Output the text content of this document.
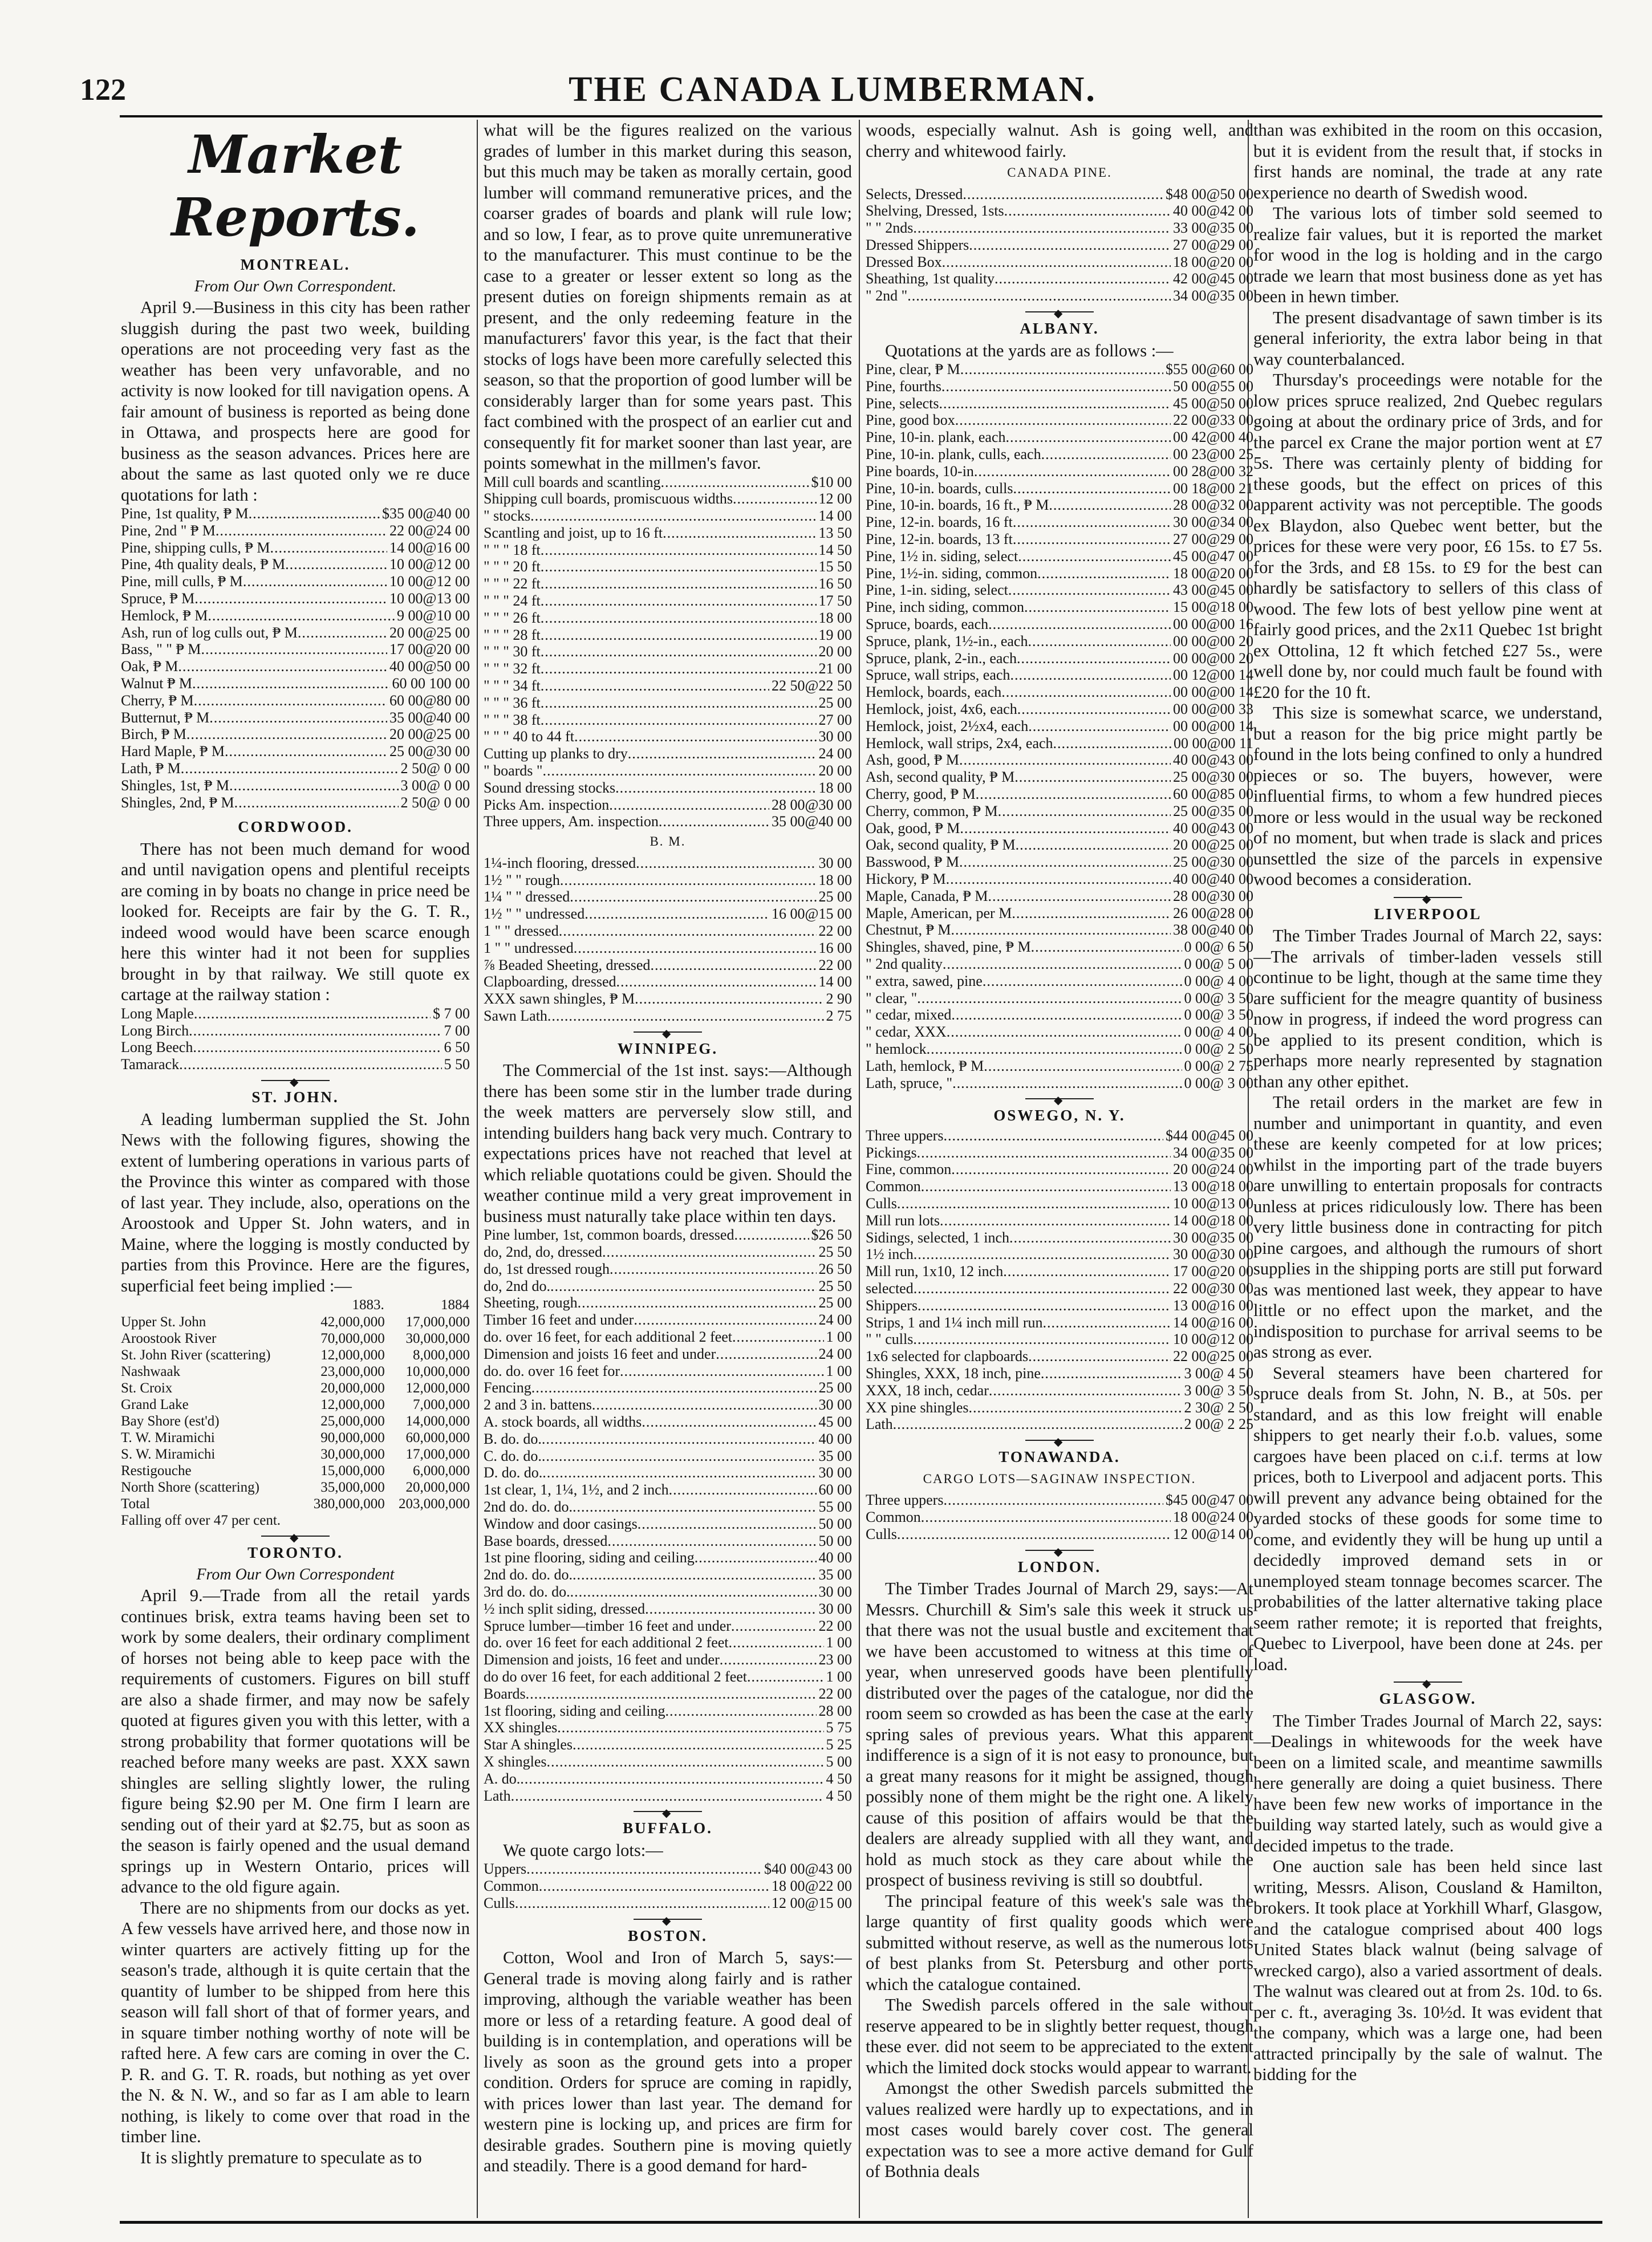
122	THE CANADA LUMBERMAN.
Market Reports.
MONTREAL.
From Our Own Correspondent.

April 9.—Business in this city has been rather sluggish during the past two week, building operations are not proceeding very fast as the weather has been very unfavorable, and no activity is now looked for till navigation opens. A fair amount of business is reported as being done in Ottawa, and prospects here are good for business as the season advances. Prices here are about the same as last quoted only we re duce quotations for lath :

Pine, 1st quality, ₱ M .....	$35 00@40 00
Pine, 2nd " ₱ M .....	22 00@24 00
Pine, shipping culls, ₱ M .....	14 00@16 00
Pine, 4th quality deals, ₱ M .....	10 00@12 00
Pine, mill culls, ₱ M .....	10 00@12 00
Spruce, ₱ M .....	10 00@13 00
Hemlock, ₱ M .....	9 00@10 00
Ash, run of log culls out, ₱ M .....	20 00@25 00
Bass, " " ₱ M .....	17 00@20 00
Oak, ₱ M .....	40 00@50 00
Walnut ₱ M .....	60 00 100 00
Cherry, ₱ M .....	60 00@80 00
Butternut, ₱ M .....	35 00@40 00
Birch, ₱ M .....	20 00@25 00
Hard Maple, ₱ M .....	25 00@30 00
Lath, ₱ M .....	2 50@ 0 00
Shingles, 1st, ₱ M .....	3 00@ 0 00
Shingles, 2nd, ₱ M .....	2 50@ 0 00
CORDWOOD.

There has not been much demand for wood and until navigation opens and plentiful receipts are coming in by boats no change in price need be looked for. Receipts are fair by the G. T. R., indeed wood would have been scarce enough here this winter had it not been for supplies brought in by that railway. We still quote ex cartage at the railway station :

Long Maple .....	$ 7 00
Long Birch .....	7 00
Long Beech .....	6 50
Tamarack .....	5 50
◆
ST. JOHN.

A leading lumberman supplied the St. John News with the following figures, showing the extent of lumbering operations in various parts of the Province this winter as compared with those of last year. They include, also, operations on the Aroostook and Upper St. John waters, and in Maine, where the logging is mostly conducted by parties from this Province. Here are the figures, superficial feet being implied :—

	1883.	1884
Upper St. John	42,000,000	17,000,000
Aroostook River	70,000,000	30,000,000
St. John River (scattering)	12,000,000	8,000,000
Nashwaak	23,000,000	10,000,000
St. Croix	20,000,000	12,000,000
Grand Lake	12,000,000	7,000,000
Bay Shore (est'd)	25,000,000	14,000,000
T. W. Miramichi	90,000,000	60,000,000
S. W. Miramichi	30,000,000	17,000,000
Restigouche	15,000,000	6,000,000
North Shore (scattering)	35,000,000	20,000,000
Total	380,000,000	203,000,000
Falling off over 47 per cent.
◆
TORONTO.
From Our Own Correspondent

April 9.—Trade from all the retail yards continues brisk, extra teams having been set to work by some dealers, their ordinary compliment of horses not being able to keep pace with the requirements of customers. Figures on bill stuff are also a shade firmer, and may now be safely quoted at figures given you with this letter, with a strong probability that former quotations will be reached before many weeks are past. XXX sawn shingles are selling slightly lower, the ruling figure being $2.90 per M. One firm I learn are sending out of their yard at $2.75, but as soon as the season is fairly opened and the usual demand springs up in Western Ontario, prices will advance to the old figure again.

There are no shipments from our docks as yet. A few vessels have arrived here, and those now in winter quarters are actively fitting up for the season's trade, although it is quite certain that the quantity of lumber to be shipped from here this season will fall short of that of former years, and in square timber nothing worthy of note will be rafted here. A few cars are coming in over the C. P. R. and G. T. R. roads, but nothing as yet over the N. & N. W., and so far as I am able to learn nothing, is likely to come over that road in the timber line.

It is slightly premature to speculate as to

what will be the figures realized on the various grades of lumber in this market during this season, but this much may be taken as morally certain, good lumber will command remunerative prices, and the coarser grades of boards and plank will rule low; and so low, I fear, as to prove quite unremunerative to the manufacturer. This must continue to be the case to a greater or lesser extent so long as the present duties on foreign shipments remain as at present, and the only redeeming feature in the manufacturers' favor this year, is the fact that their stocks of logs have been more carefully selected this season, so that the proportion of good lumber will be considerably larger than for some years past. This fact combined with the prospect of an earlier cut and consequently fit for market sooner than last year, are points somewhat in the millmen's favor.

Mill cull boards and scantling .....	$10 00
Shipping cull boards, promiscuous widths .....	12 00
" stocks .....	14 00
Scantling and joist, up to 16 ft .....	13 50
" " " 18 ft .....	14 50
" " " 20 ft .....	15 50
" " " 22 ft .....	16 50
" " " 24 ft .....	17 50
" " " 26 ft .....	18 00
" " " 28 ft .....	19 00
" " " 30 ft .....	20 00
" " " 32 ft .....	21 00
" " " 34 ft .....	22 50@22 50
" " " 36 ft .....	25 00
" " " 38 ft .....	27 00
" " " 40 to 44 ft .....	30 00
Cutting up planks to dry .....	24 00
" boards " .....	20 00
Sound dressing stocks .....	18 00
Picks Am. inspection .....	28 00@30 00
Three uppers, Am. inspection .....	35 00@40 00
B. M.
1¼-inch flooring, dressed .....	30 00
1½ " " rough .....	18 00
1¼ " " dressed .....	25 00
1½ " " undressed .....	16 00@15 00
1 " " dressed .....	22 00
1 " " undressed .....	16 00
⅞ Beaded Sheeting, dressed .....	22 00
Clapboarding, dressed .....	14 00
XXX sawn shingles, ₱ M .....	2 90
Sawn Lath .....	2 75
◆
WINNIPEG.

The Commercial of the 1st inst. says:—Although there has been some stir in the lumber trade during the week matters are perversely slow still, and intending builders hang back very much. Contrary to expectations prices have not reached that level at which reliable quotations could be given. Should the weather continue mild a very great improvement in business must naturally take place within ten days.

Pine lumber, 1st, common boards, dressed .....	$26 50
do, 2nd, do, dressed .....	25 50
do, 1st dressed rough .....	26 50
do, 2nd do. .....	25 50
Sheeting, rough .....	25 00
Timber 16 feet and under .....	24 00
do. over 16 feet, for each additional 2 feet .....	1 00
Dimension and joists 16 feet and under .....	24 00
do. do. over 16 feet for .....	1 00
Fencing .....	25 00
2 and 3 in. battens .....	30 00
A. stock boards, all widths .....	45 00
B. do. do. .....	40 00
C. do. do. .....	35 00
D. do. do. .....	30 00
1st clear, 1, 1¼, 1½, and 2 inch .....	60 00
2nd do. do. do. .....	55 00
Window and door casings .....	50 00
Base boards, dressed .....	50 00
1st pine flooring, siding and ceiling .....	40 00
2nd do. do. do. .....	35 00
3rd do. do. do. .....	30 00
½ inch split siding, dressed .....	30 00
Spruce lumber—timber 16 feet and under .....	22 00
do. over 16 feet for each additional 2 feet .....	1 00
Dimension and joists, 16 feet and under .....	23 00
do do over 16 feet, for each additional 2 feet .....	1 00
Boards .....	22 00
1st flooring, siding and ceiling .....	28 00
XX shingles .....	5 75
Star A shingles .....	5 25
X shingles .....	5 00
A. do. .....	4 50
Lath .....	4 50
◆
BUFFALO.

We quote cargo lots:—

Uppers .....	$40 00@43 00
Common .....	18 00@22 00
Culls .....	12 00@15 00
◆
BOSTON.

Cotton, Wool and Iron of March 5, says:—General trade is moving along fairly and is rather improving, although the variable weather has been more or less of a retarding feature. A good deal of building is in contemplation, and operations will be lively as soon as the ground gets into a proper condition. Orders for spruce are coming in rapidly, with prices lower than last year. The demand for western pine is locking up, and prices are firm for desirable grades. Southern pine is moving quietly and steadily. There is a good demand for hard-

woods, especially walnut. Ash is going well, and cherry and whitewood fairly.

CANADA PINE.
Selects, Dressed .....	$48 00@50 00
Shelving, Dressed, 1sts .....	40 00@42 00
" " 2nds .....	33 00@35 00
Dressed Shippers .....	27 00@29 00
Dressed Box .....	18 00@20 00
Sheathing, 1st quality .....	42 00@45 00
" 2nd " .....	34 00@35 00
◆
ALBANY.

Quotations at the yards are as follows :—

Pine, clear, ₱ M .....	$55 00@60 00
Pine, fourths .....	50 00@55 00
Pine, selects .....	45 00@50 00
Pine, good box .....	22 00@33 00
Pine, 10-in. plank, each .....	00 42@00 40
Pine, 10-in. plank, culls, each .....	00 23@00 25
Pine boards, 10-in .....	00 28@00 32
Pine, 10-in. boards, culls .....	00 18@00 21
Pine, 10-in. boards, 16 ft., ₱ M .....	28 00@32 00
Pine, 12-in. boards, 16 ft .....	30 00@34 00
Pine, 12-in. boards, 13 ft .....	27 00@29 00
Pine, 1½ in. siding, select .....	45 00@47 00
Pine, 1½-in. siding, common .....	18 00@20 00
Pine, 1-in. siding, select .....	43 00@45 00
Pine, inch siding, common .....	15 00@18 00
Spruce, boards, each .....	00 00@00 16
Spruce, plank, 1½-in., each .....	00 00@00 20
Spruce, plank, 2-in., each .....	00 00@00 20
Spruce, wall strips, each .....	00 12@00 14
Hemlock, boards, each .....	00 00@00 14
Hemlock, joist, 4x6, each .....	00 00@00 33
Hemlock, joist, 2½x4, each .....	00 00@00 14
Hemlock, wall strips, 2x4, each .....	00 00@00 11
Ash, good, ₱ M .....	40 00@43 00
Ash, second quality, ₱ M .....	25 00@30 00
Cherry, good, ₱ M .....	60 00@85 00
Cherry, common, ₱ M .....	25 00@35 00
Oak, good, ₱ M .....	40 00@43 00
Oak, second quality, ₱ M .....	20 00@25 00
Basswood, ₱ M .....	25 00@30 00
Hickory, ₱ M .....	40 00@40 00
Maple, Canada, ₱ M .....	28 00@30 00
Maple, American, per M .....	26 00@28 00
Chestnut, ₱ M .....	38 00@40 00
Shingles, shaved, pine, ₱ M .....	0 00@ 6 50
" 2nd quality .....	0 00@ 5 00
" extra, sawed, pine .....	0 00@ 4 00
" clear, " .....	0 00@ 3 50
" cedar, mixed .....	0 00@ 3 50
" cedar, XXX .....	0 00@ 4 00
" hemlock .....	0 00@ 2 50
Lath, hemlock, ₱ M .....	0 00@ 2 75
Lath, spruce, " .....	0 00@ 3 00
◆
OSWEGO, N. Y.
Three uppers .....	$44 00@45 00
Pickings .....	34 00@35 00
Fine, common .....	20 00@24 00
Common .....	13 00@18 00
Culls .....	10 00@13 00
Mill run lots .....	14 00@18 00
Sidings, selected, 1 inch .....	30 00@35 00
1½ inch .....	30 00@30 00
Mill run, 1x10, 12 inch .....	17 00@20 00
selected .....	22 00@30 00
Shippers .....	13 00@16 00
Strips, 1 and 1¼ inch mill run .....	14 00@16 00
" " culls .....	10 00@12 00
1x6 selected for clapboards .....	22 00@25 00
Shingles, XXX, 18 inch, pine .....	3 00@ 4 50
XXX, 18 inch, cedar .....	3 00@ 3 50
XX pine shingles .....	2 30@ 2 50
Lath .....	2 00@ 2 25
◆
TONAWANDA.
CARGO LOTS—SAGINAW INSPECTION.
Three uppers .....	$45 00@47 00
Common .....	18 00@24 00
Culls .....	12 00@14 00
◆
LONDON.

The Timber Trades Journal of March 29, says:—At Messrs. Churchill & Sim's sale this week it struck us that there was not the usual bustle and excitement that we have been accustomed to witness at this time of year, when unreserved goods have been plentifully distributed over the pages of the catalogue, nor did the room seem so crowded as has been the case at the early spring sales of previous years. What this apparent indifference is a sign of it is not easy to pronounce, but a great many reasons for it might be assigned, though possibly none of them might be the right one. A likely cause of this position of affairs would be that the dealers are already supplied with all they want, and hold as much stock as they care about while the prospect of business reviving is still so doubtful.

The principal feature of this week's sale was the large quantity of first quality goods which were submitted without reserve, as well as the numerous lots of best planks from St. Petersburg and other ports which the catalogue contained.

The Swedish parcels offered in the sale without reserve appeared to be in slightly better request, though these ever. did not seem to be appreciated to the extent which the limited dock stocks would appear to warrant.

Amongst the other Swedish parcels submitted the values realized were hardly up to expectations, and in most cases would barely cover cost. The general expectation was to see a more active demand for Gulf of Bothnia deals

than was exhibited in the room on this occasion, but it is evident from the result that, if stocks in first hands are nominal, the trade at any rate experience no dearth of Swedish wood.

The various lots of timber sold seemed to realize fair values, but it is reported the market for wood in the log is holding and in the cargo trade we learn that most business done as yet has been in hewn timber.

The present disadvantage of sawn timber is its general inferiority, the extra labor being in that way counterbalanced.

Thursday's proceedings were notable for the low prices spruce realized, 2nd Quebec regulars going at about the ordinary price of 3rds, and for the parcel ex Crane the major portion went at £7 5s. There was certainly plenty of bidding for these goods, but the effect on prices of this apparent activity was not perceptible. The goods ex Blaydon, also Quebec went better, but the prices for these were very poor, £6 15s. to £7 5s. for the 3rds, and £8 15s. to £9 for the best can hardly be satisfactory to sellers of this class of wood. The few lots of best yellow pine went at fairly good prices, and the 2x11 Quebec 1st bright ex Ottolina, 12 ft which fetched £27 5s., were well done by, nor could much fault be found with £20 for the 10 ft.

This size is somewhat scarce, we understand, but a reason for the big price might partly be found in the lots being confined to only a hundred pieces or so. The buyers, however, were influential firms, to whom a few hundred pieces more or less would in the usual way be reckoned of no moment, but when trade is slack and prices unsettled the size of the parcels in expensive wood becomes a consideration.

◆
LIVERPOOL

The Timber Trades Journal of March 22, says:—The arrivals of timber-laden vessels still continue to be light, though at the same time they are sufficient for the meagre quantity of business now in progress, if indeed the word progress can be applied to its present condition, which is perhaps more nearly represented by stagnation than any other epithet.

The retail orders in the market are few in number and unimportant in quantity, and even these are keenly competed for at low prices; whilst in the importing part of the trade buyers are unwilling to entertain proposals for contracts unless at prices ridiculously low. There has been very little business done in contracting for pitch pine cargoes, and although the rumours of short supplies in the shipping ports are still put forward as was mentioned last week, they appear to have little or no effect upon the market, and the indisposition to purchase for arrival seems to be as strong as ever.

Several steamers have been chartered for spruce deals from St. John, N. B., at 50s. per standard, and as this low freight will enable shippers to get nearly their f.o.b. values, some cargoes have been placed on c.i.f. terms at low prices, both to Liverpool and adjacent ports. This will prevent any advance being obtained for the yarded stocks of these goods for some time to come, and evidently they will be hung up until a decidedly improved demand sets in or unemployed steam tonnage becomes scarcer. The probabilities of the latter alternative taking place seem rather remote; it is reported that freights, Quebec to Liverpool, have been done at 24s. per load.

◆
GLASGOW.

The Timber Trades Journal of March 22, says:—Dealings in whitewoods for the week have been on a limited scale, and meantime sawmills here generally are doing a quiet business. There have been few new works of importance in the building way started lately, such as would give a decided impetus to the trade.

One auction sale has been held since last writing, Messrs. Alison, Cousland & Hamilton, brokers. It took place at Yorkhill Wharf, Glasgow, and the catalogue comprised about 400 logs United States black walnut (being salvage of wrecked cargo), also a varied assortment of deals. The walnut was cleared out at from 2s. 10d. to 6s. per c. ft., averaging 3s. 10½d. It was evident that the company, which was a large one, had been attracted principally by the sale of walnut. The bidding for the
